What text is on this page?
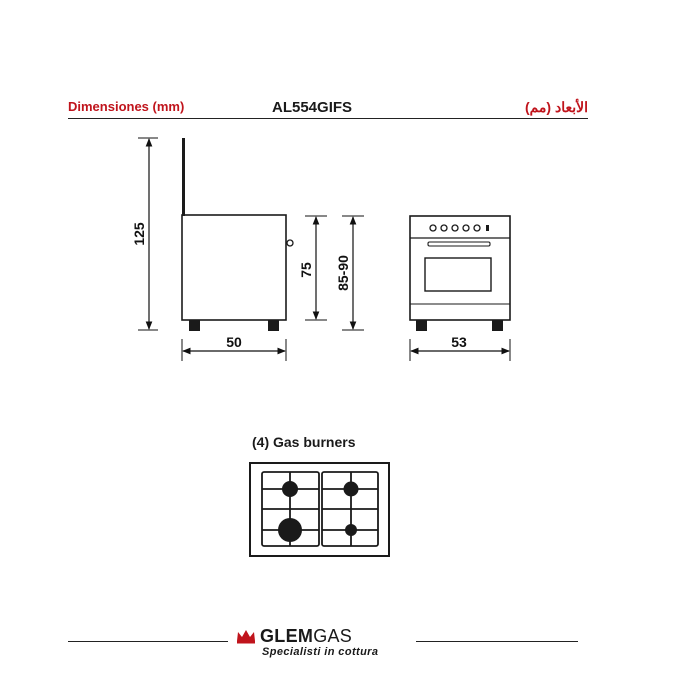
Dimensiones (mm)	AL554GIFS	الأبعاد (مم)
125
75 85-90
50	53
(4) Gas burners
GLEMGAS
Specialisti in cottura
